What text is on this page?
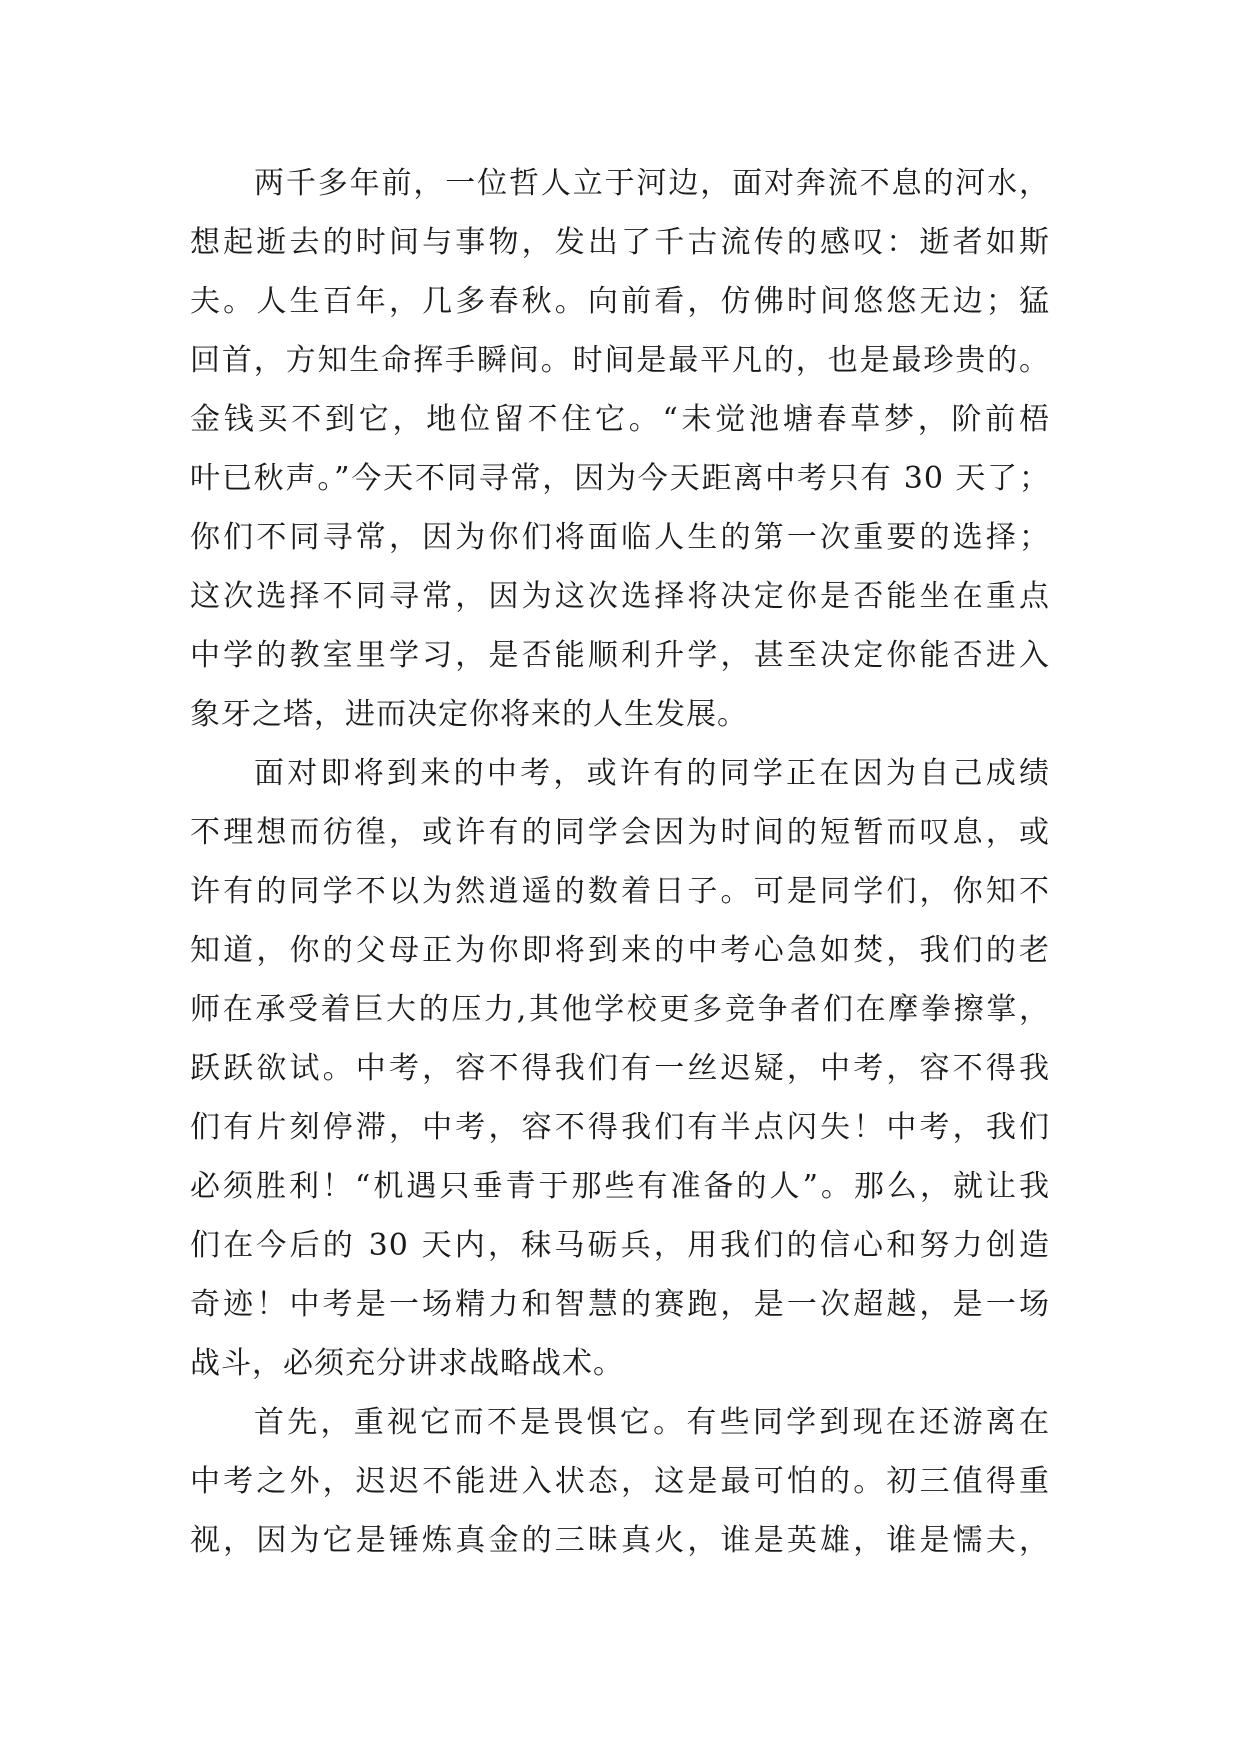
两千多年前，一位哲人立于河边，面对奔流不息的河水，
想起逝去的时间与事物，发出了千古流传的感叹：逝者如斯
夫。人生百年，几多春秋。向前看，仿佛时间悠悠无边；猛
回首，方知生命挥手瞬间。时间是最平凡的，也是最珍贵的。
金钱买不到它，地位留不住它。“未觉池塘春草梦，阶前梧
叶已秋声。”今天不同寻常，因为今天距离中考只有 30 天了；
你们不同寻常，因为你们将面临人生的第一次重要的选择；
这次选择不同寻常，因为这次选择将决定你是否能坐在重点
中学的教室里学习，是否能顺利升学，甚至决定你能否进入
象牙之塔，进而决定你将来的人生发展。
面对即将到来的中考，或许有的同学正在因为自己成绩
不理想而彷徨，或许有的同学会因为时间的短暂而叹息，或
许有的同学不以为然逍遥的数着日子。可是同学们，你知不
知道，你的父母正为你即将到来的中考心急如焚，我们的老
师在承受着巨大的压力,其他学校更多竞争者们在摩拳擦掌，
跃跃欲试。中考，容不得我们有一丝迟疑，中考，容不得我
们有片刻停滞，中考，容不得我们有半点闪失！中考，我们
必须胜利！“机遇只垂青于那些有准备的人”。那么，就让我
们在今后的 30 天内，秣马砺兵，用我们的信心和努力创造
奇迹！中考是一场精力和智慧的赛跑，是一次超越，是一场
战斗，必须充分讲求战略战术。
首先，重视它而不是畏惧它。有些同学到现在还游离在
中考之外，迟迟不能进入状态，这是最可怕的。初三值得重
视，因为它是锤炼真金的三昧真火，谁是英雄，谁是懦夫，
